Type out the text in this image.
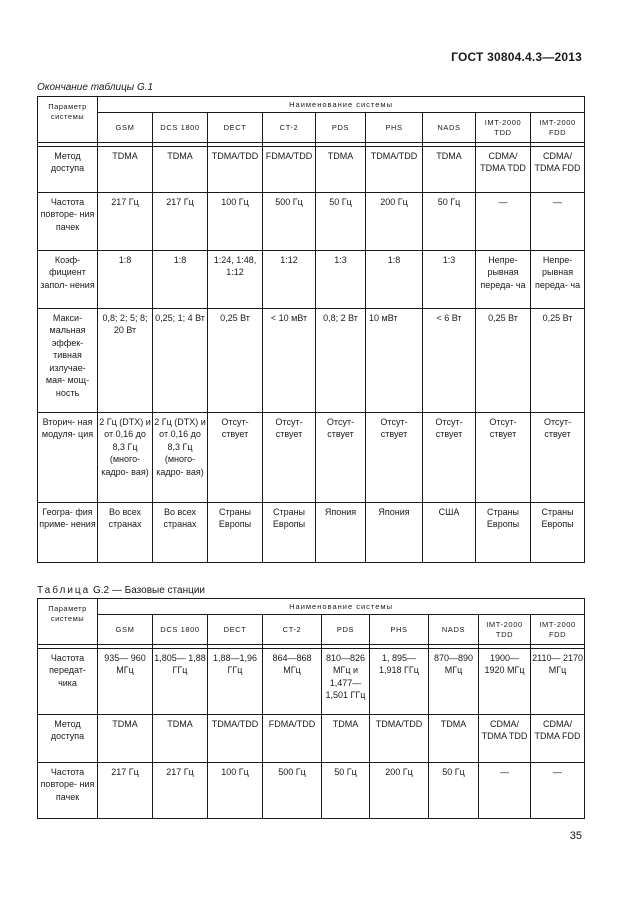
ГОСТ 30804.4.3—2013
Окончание таблицы G.1
Параметр системы	Наименование системы								
	GSM	DCS 1800	DECT	CT-2	PDS	PHS	NADS	IMT-2000 TDD	IMT-2000 FDD

Метод доступа	TDMA	TDMA	TDMA/TDD	FDMA/TDD	TDMA	TDMA/TDD	TDMA	CDMA/ TDMA TDD	CDMA/ TDMA FDD
Частота повторе- ния пачек	217 Гц	217 Гц	100 Гц	500 Гц	50 Гц	200 Гц	50 Гц	—	—
Коэф- фициент запол- нения	1:8	1:8	1:24, 1:48, 1:12	1:12	1:3	1:8	1:3	Непре- рывная переда- ча	Непре- рывная переда- ча
Макси- мальная эффек- тивная излучае- мая- мощ- ность	0,8; 2; 5; 8; 20 Вт	0,25; 1; 4 Вт	0,25 Вт	< 10 мВт	0,8; 2 Вт	10 мВт	< 6 Вт	0,25 Вт	0,25 Вт
Вторич- ная модуля- ция	2 Гц (DTX) и от 0,16 до 8,3 Гц (много- кадро- вая)	2 Гц (DTX) и от 0,16 до 8,3 Гц (много- кадро- вая)	Отсут- ствует	Отсут- ствует	Отсут- ствует	Отсут- ствует	Отсут- ствует	Отсут- ствует	Отсут- ствует
Геогра- фия приме- нения	Во всех странах	Во всех странах	Страны Европы	Страны Европы	Япония	Япония	США	Страны Европы	Страны Европы
Таблица G.2 — Базовые станции
Параметр системы	Наименование системы								
	GSM	DCS 1800	DECT	CT-2	PDS	PHS	NADS	IMT-2000 TDD	IMT-2000 FDD

Частота передат- чика	935— 960 МГц	1,805— 1,88 ГГц	1,88—1,96 ГГц	864—868 МГц	810—826 МГц и 1,477— 1,501 ГГц	1, 895— 1,918 ГГц	870—890 МГц	1900— 1920 МГц	2110— 2170 МГц
Метод доступа	TDMA	TDMA	TDMA/TDD	FDMA/TDD	TDMA	TDMA/TDD	TDMA	CDMA/ TDMA TDD	CDMA/ TDMA FDD
Частота повторе- ния пачек	217 Гц	217 Гц	100 Гц	500 Гц	50 Гц	200 Гц	50 Гц	—	—
35
